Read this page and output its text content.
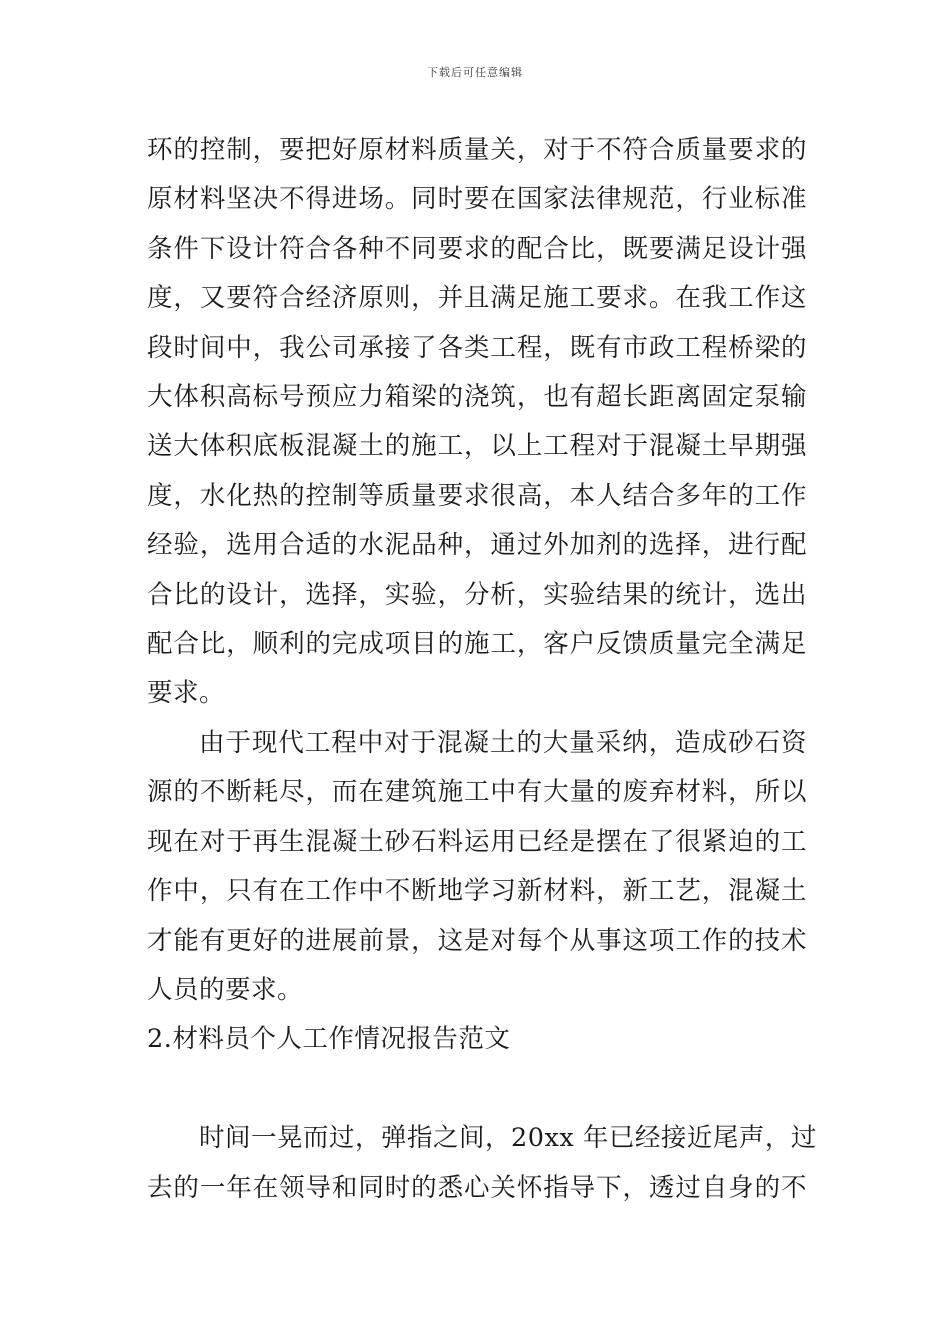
下载后可任意编辑

环的控制，要把好原材料质量关，对于不符合质量要求的
原材料坚决不得进场。同时要在国家法律规范，行业标准
条件下设计符合各种不同要求的配合比，既要满足设计强
度，又要符合经济原则，并且满足施工要求。在我工作这
段时间中，我公司承接了各类工程，既有市政工程桥梁的
大体积高标号预应力箱梁的浇筑，也有超长距离固定泵输
送大体积底板混凝土的施工，以上工程对于混凝土早期强
度，水化热的控制等质量要求很高，本人结合多年的工作
经验，选用合适的水泥品种，通过外加剂的选择，进行配
合比的设计，选择，实验，分析，实验结果的统计，选出
配合比，顺利的完成项目的施工，客户反馈质量完全满足
要求。

由于现代工程中对于混凝土的大量采纳，造成砂石资
源的不断耗尽，而在建筑施工中有大量的废弃材料，所以
现在对于再生混凝土砂石料运用已经是摆在了很紧迫的工
作中，只有在工作中不断地学习新材料，新工艺，混凝土
才能有更好的进展前景，这是对每个从事这项工作的技术
人员的要求。

2.材料员个人工作情况报告范文

时间一晃而过，弹指之间，20xx 年已经接近尾声，过
去的一年在领导和同时的悉心关怀指导下，透过自身的不
